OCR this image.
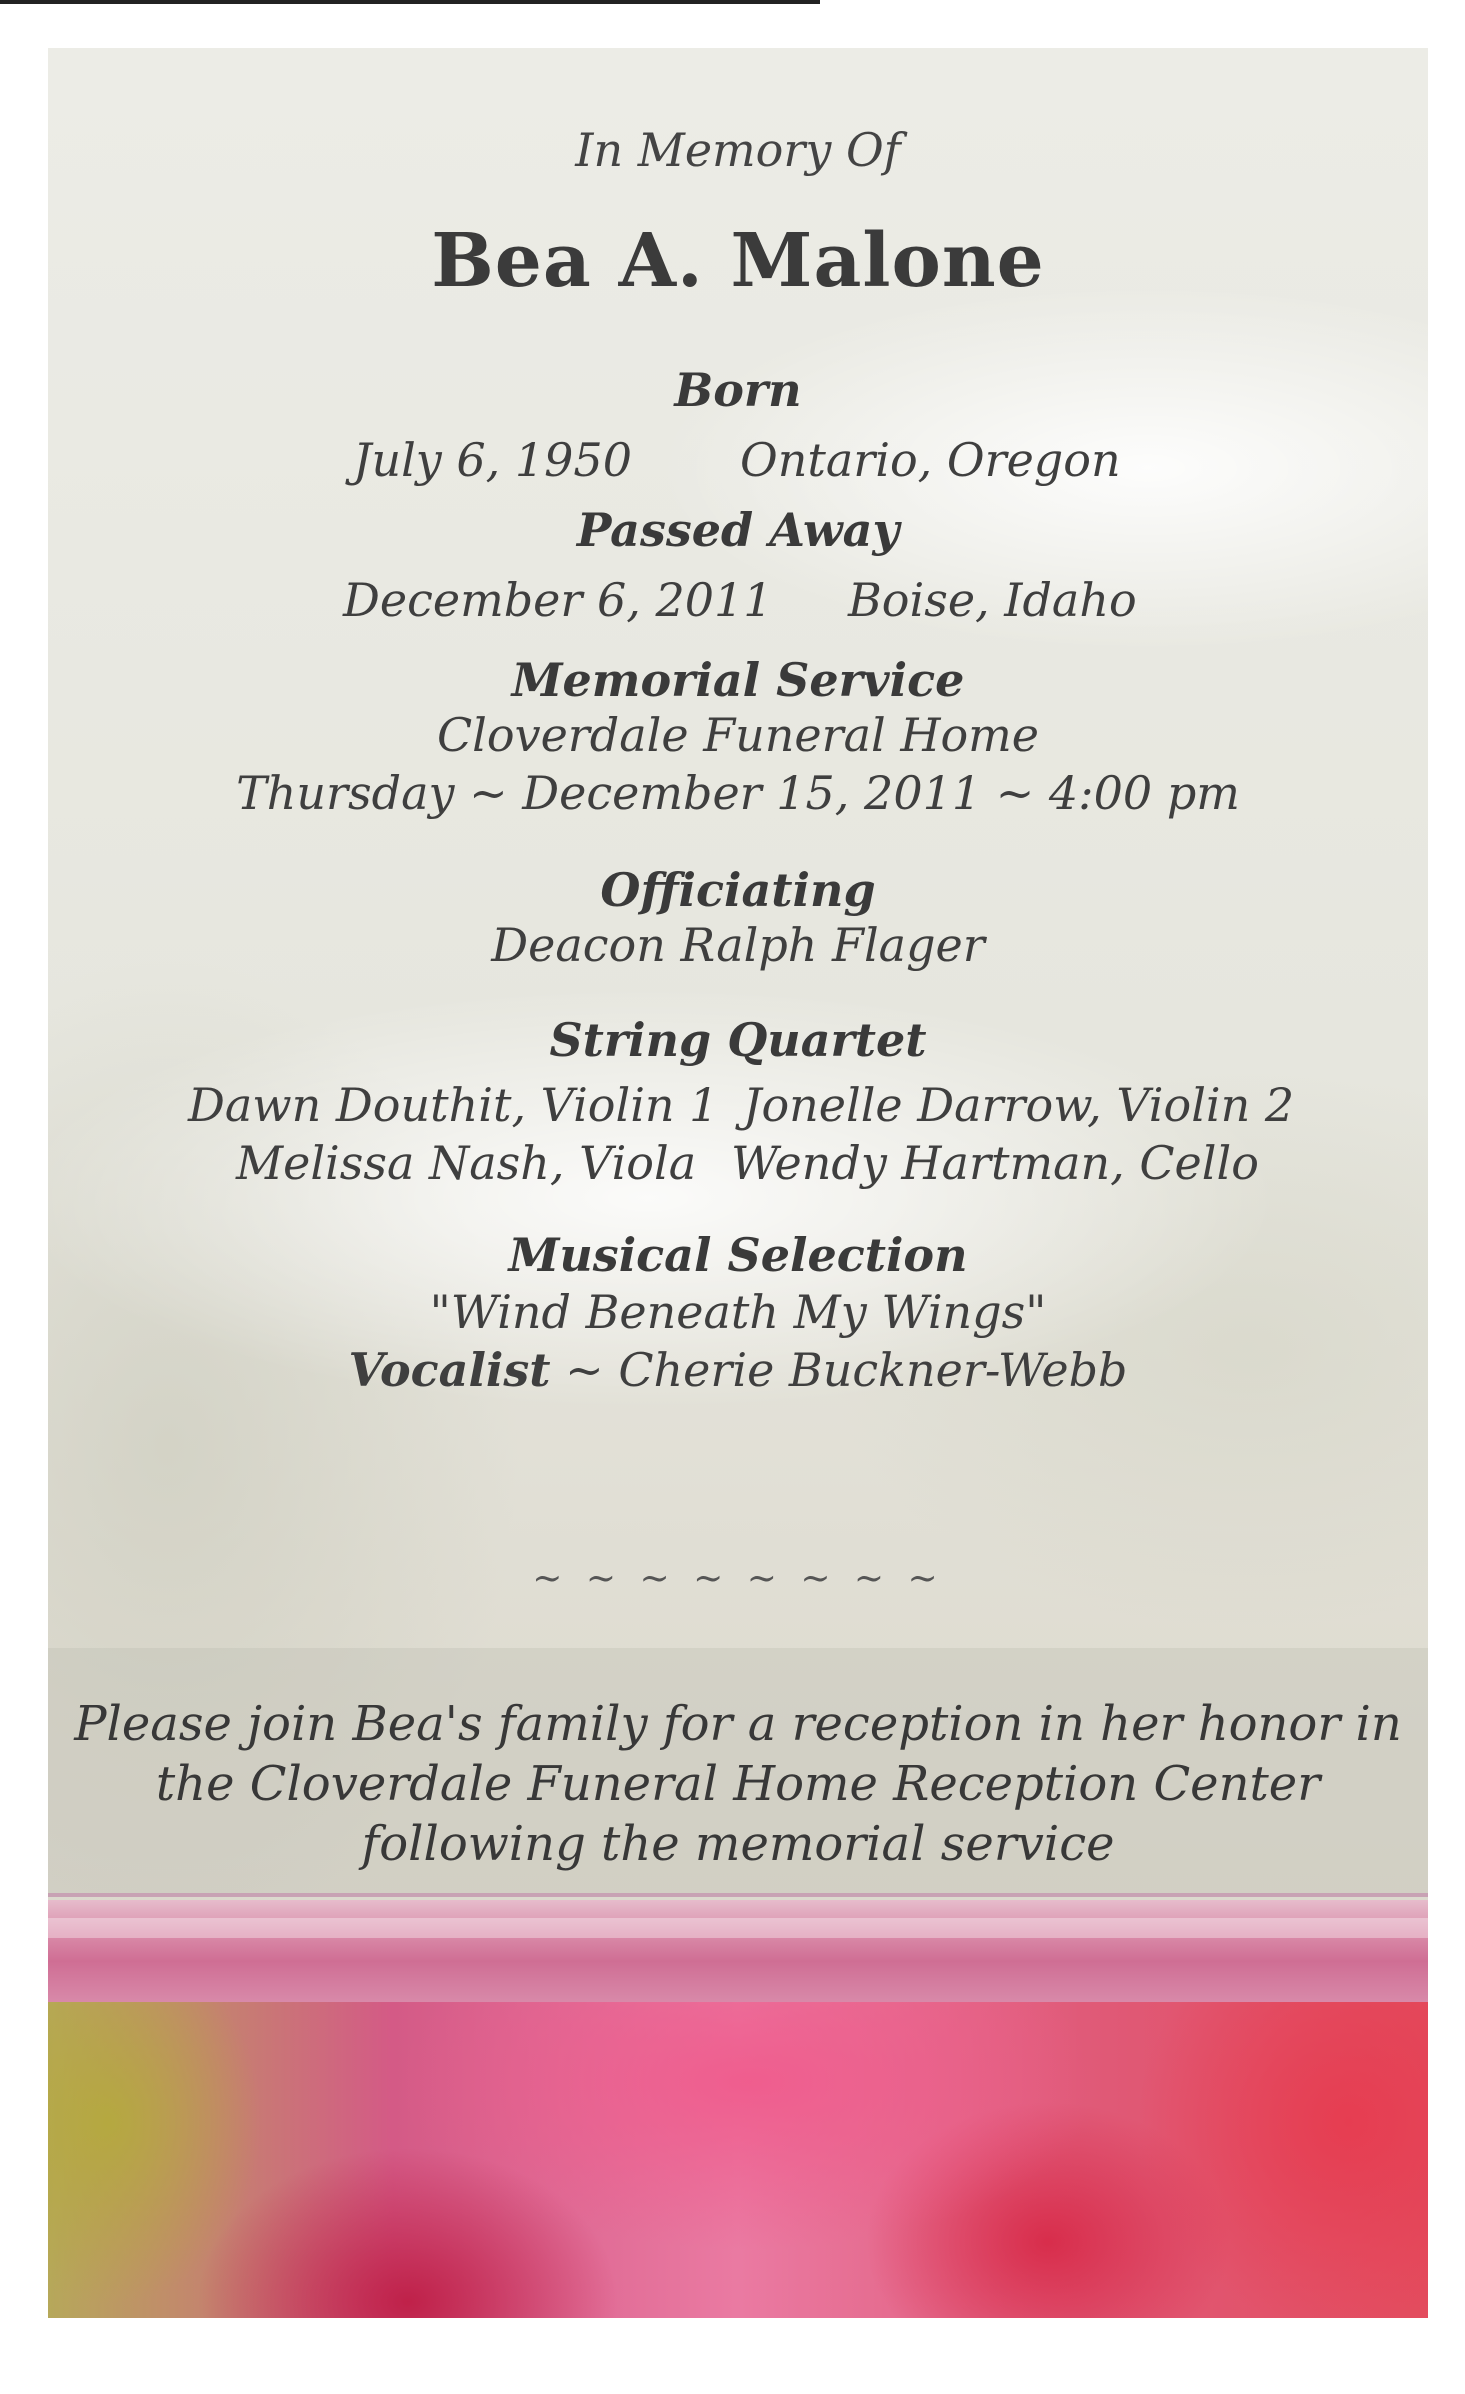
In Memory Of
Bea A. Malone
Born
July 6, 1950 Ontario, Oregon
Passed Away
December 6, 2011 Boise, Idaho
Memorial Service
Cloverdale Funeral Home
Thursday ~ December 15, 2011 ~ 4:00 pm
Officiating
Deacon Ralph Flager
String Quartet
Dawn Douthit, Violin 1 Jonelle Darrow, Violin 2
Melissa Nash, Viola Wendy Hartman, Cello
Musical Selection
"Wind Beneath My Wings"
Vocalist ~ Cherie Buckner-Webb
~ ~ ~ ~ ~ ~ ~ ~
Please join Bea's family for a reception in her honor in
the Cloverdale Funeral Home Reception Center
following the memorial service
